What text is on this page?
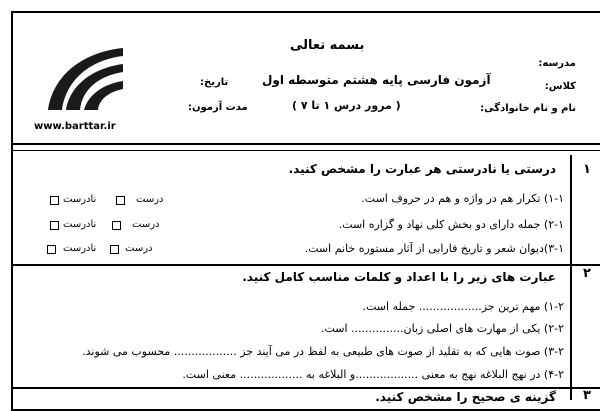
بسمه تعالی
مدرسه:
کلاس:
نام و نام خانوادگی:
آزمون فارسی پایه هشتم متوسطه اول
( مرور درس ۱ تا ۷ )
تاریخ:
مدت آزمون:
www.barttar.ir
۱
درستی یا نادرستی هر عبارت را مشخص کنید.
۱-۱) تکرار هم در واژه و هم در حروف است.
۲-۱) جمله دارای دو بخش کلی نهاد و گزاره است.
۳-۱)دیوان شعر و تاریخ فارابی از آثار مستوره خانم است.
درست
نادرست
درست
نادرست
درست
نادرست
۲
عبارت های زیر را با اعداد و کلمات مناسب کامل کنید.
۱-۲) مهم ترین جز.................. جمله است.
۲-۲) یکی از مهارت های اصلی زبان............... است.
۳-۲) صوت هایی که به تقلید از صوت های طبیعی به لفظ در می آیند جز .................. محسوب می شوند.
۴-۲) در نهج البلاغه نهج به معنی ..................و البلاغه به .................. معنی است.
۳
گزینه ی صحیح را مشخص کنید.
